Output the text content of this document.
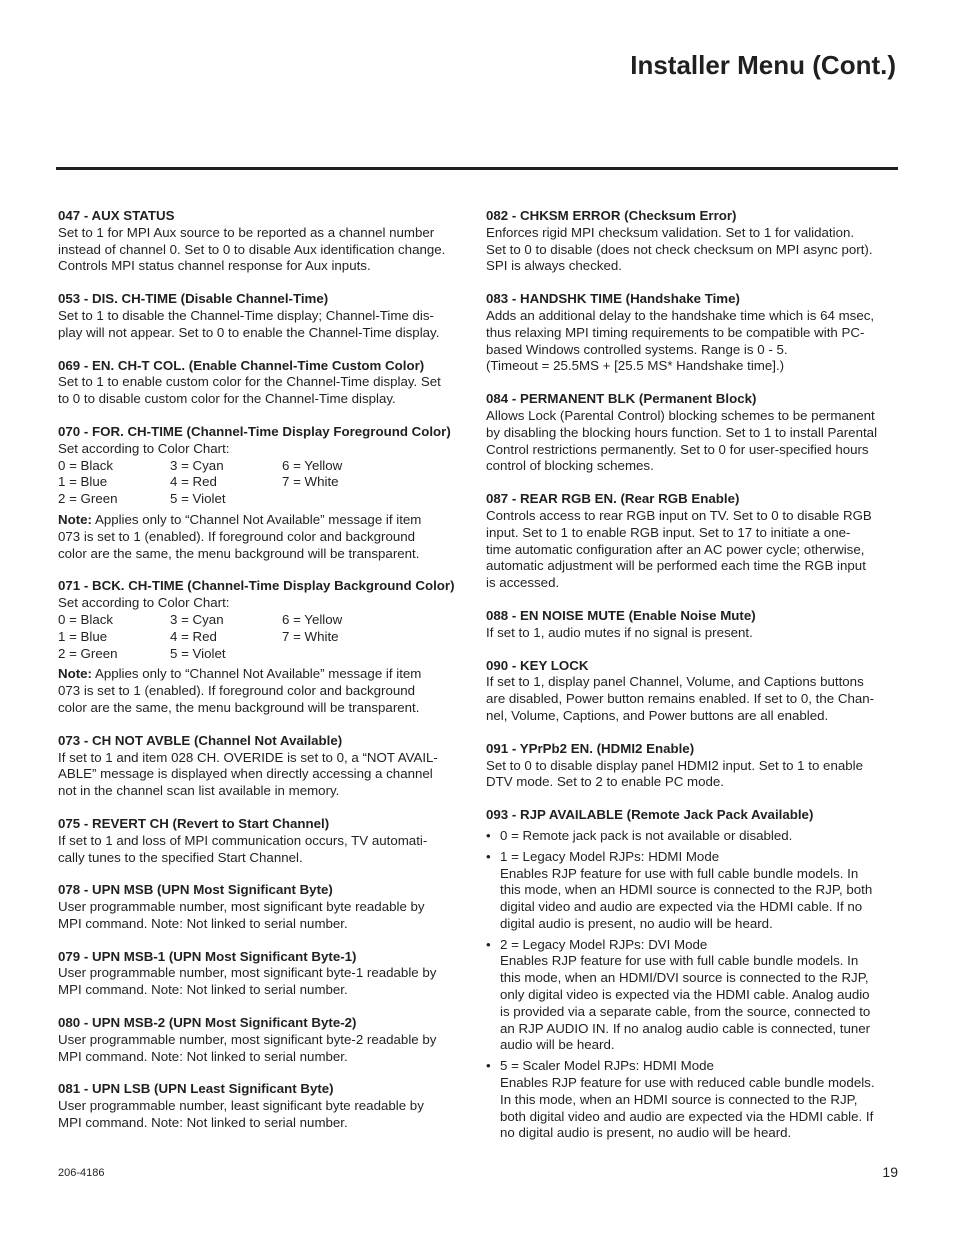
Installer Menu (Cont.)
047 - AUX STATUS
Set to 1 for MPI Aux source to be reported as a channel number
instead of channel 0. Set to 0 to disable Aux identification change.
Controls MPI status channel response for Aux inputs.
053 - DIS. CH-TIME (Disable Channel-Time)
Set to 1 to disable the Channel-Time display; Channel-Time dis-
play will not appear. Set to 0 to enable the Channel-Time display.
069 - EN. CH-T COL. (Enable Channel-Time Custom Color)
Set to 1 to enable custom color for the Channel-Time display. Set
to 0 to disable custom color for the Channel-Time display.
070 - FOR. CH-TIME (Channel-Time Display Foreground Color)
Set according to Color Chart:
0 = Black	3 = Cyan	6 = Yellow
1 = Blue	4 = Red	7 = White
2 = Green	5 = Violet
Note: Applies only to “Channel Not Available” message if item
073 is set to 1 (enabled). If foreground color and background
color are the same, the menu background will be transparent.
071 - BCK. CH-TIME (Channel-Time Display Background Color)
Set according to Color Chart:
0 = Black	3 = Cyan	6 = Yellow
1 = Blue	4 = Red	7 = White
2 = Green	5 = Violet
Note: Applies only to “Channel Not Available” message if item
073 is set to 1 (enabled). If foreground color and background
color are the same, the menu background will be transparent.
073 - CH NOT AVBLE (Channel Not Available)
If set to 1 and item 028 CH. OVERIDE is set to 0, a “NOT AVAIL-
ABLE” message is displayed when directly accessing a channel
not in the channel scan list available in memory.
075 - REVERT CH (Revert to Start Channel)
If set to 1 and loss of MPI communication occurs, TV automati-
cally tunes to the specified Start Channel.
078 - UPN MSB (UPN Most Significant Byte)
User programmable number, most significant byte readable by
MPI command. Note: Not linked to serial number.
079 - UPN MSB-1 (UPN Most Significant Byte-1)
User programmable number, most significant byte-1 readable by
MPI command. Note: Not linked to serial number.
080 - UPN MSB-2 (UPN Most Significant Byte-2)
User programmable number, most significant byte-2 readable by
MPI command. Note: Not linked to serial number.
081 - UPN LSB (UPN Least Significant Byte)
User programmable number, least significant byte readable by
MPI command. Note: Not linked to serial number.
082 - CHKSM ERROR (Checksum Error)
Enforces rigid MPI checksum validation. Set to 1 for validation.
Set to 0 to disable (does not check checksum on MPI async port).
SPI is always checked.
083 - HANDSHK TIME (Handshake Time)
Adds an additional delay to the handshake time which is 64 msec,
thus relaxing MPI timing requirements to be compatible with PC-
based Windows controlled systems. Range is 0 - 5.
(Timeout = 25.5MS + [25.5 MS* Handshake time].)
084 - PERMANENT BLK (Permanent Block)
Allows Lock (Parental Control) blocking schemes to be permanent
by disabling the blocking hours function. Set to 1 to install Parental
Control restrictions permanently. Set to 0 for user-specified hours
control of blocking schemes.
087 - REAR RGB EN. (Rear RGB Enable)
Controls access to rear RGB input on TV. Set to 0 to disable RGB
input. Set to 1 to enable RGB input. Set to 17 to initiate a one-
time automatic configuration after an AC power cycle; otherwise,
automatic adjustment will be performed each time the RGB input
is accessed.
088 - EN NOISE MUTE (Enable Noise Mute)
If set to 1, audio mutes if no signal is present.
090 - KEY LOCK
If set to 1, display panel Channel, Volume, and Captions buttons
are disabled, Power button remains enabled. If set to 0, the Chan-
nel, Volume, Captions, and Power buttons are all enabled.
091 - YPrPb2 EN. (HDMI2 Enable)
Set to 0 to disable display panel HDMI2 input. Set to 1 to enable
DTV mode. Set to 2 to enable PC mode.
093 - RJP AVAILABLE (Remote Jack Pack Available)
• 0 = Remote jack pack is not available or disabled.
• 1 = Legacy Model RJPs: HDMI Mode
Enables RJP feature for use with full cable bundle models. In
this mode, when an HDMI source is connected to the RJP, both
digital video and audio are expected via the HDMI cable. If no
digital audio is present, no audio will be heard.
• 2 = Legacy Model RJPs: DVI Mode
Enables RJP feature for use with full cable bundle models. In
this mode, when an HDMI/DVI source is connected to the RJP,
only digital video is expected via the HDMI cable. Analog audio
is provided via a separate cable, from the source, connected to
an RJP AUDIO IN. If no analog audio cable is connected, tuner
audio will be heard.
• 5 = Scaler Model RJPs: HDMI Mode
Enables RJP feature for use with reduced cable bundle models.
In this mode, when an HDMI source is connected to the RJP,
both digital video and audio are expected via the HDMI cable. If
no digital audio is present, no audio will be heard.
206-4186	19
